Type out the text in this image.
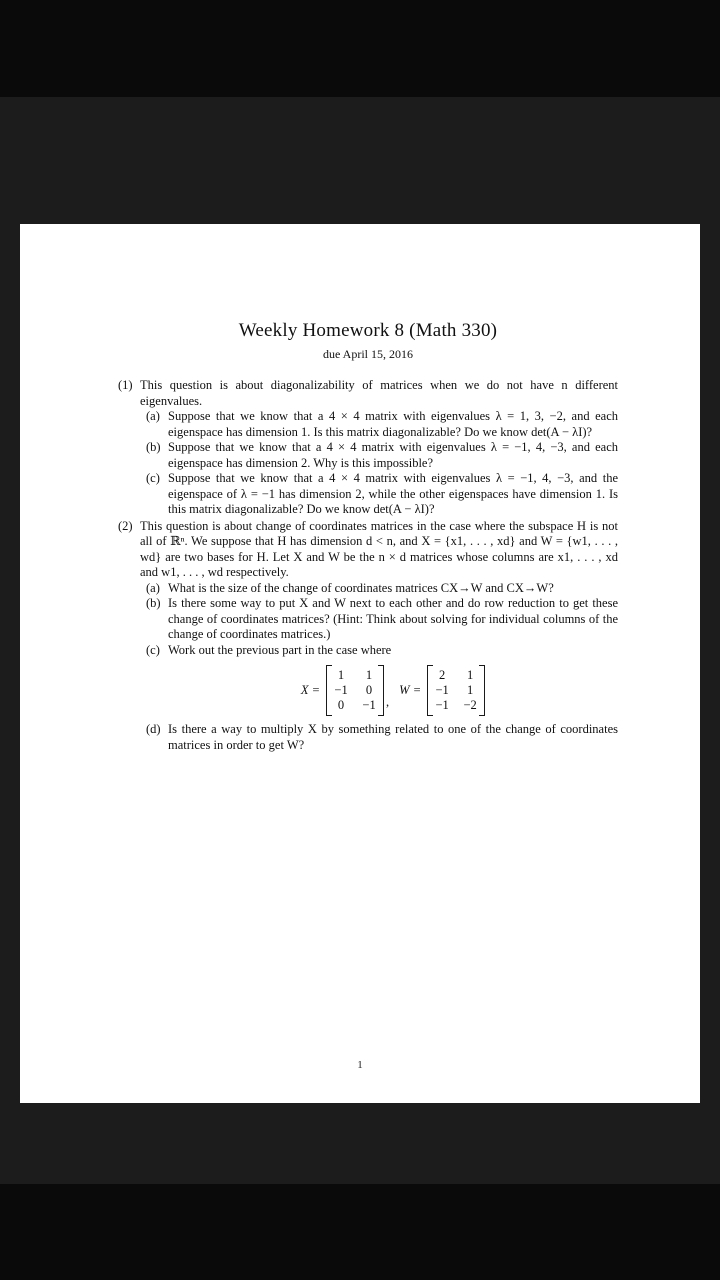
Weekly Homework 8 (Math 330)
due April 15, 2016
(1) This question is about diagonalizability of matrices when we do not have n different eigenvalues.
(a) Suppose that we know that a 4 × 4 matrix with eigenvalues λ = 1, 3, −2, and each eigenspace has dimension 1. Is this matrix diagonalizable? Do we know det(A − λI)?
(b) Suppose that we know that a 4 × 4 matrix with eigenvalues λ = −1, 4, −3, and each eigenspace has dimension 2. Why is this impossible?
(c) Suppose that we know that a 4 × 4 matrix with eigenvalues λ = −1, 4, −3, and the eigenspace of λ = −1 has dimension 2, while the other eigenspaces have dimension 1. Is this matrix diagonalizable? Do we know det(A − λI)?
(2) This question is about change of coordinates matrices in the case where the subspace H is not all of ℝⁿ. We suppose that H has dimension d < n, and X = {x1, . . . , xd} and W = {w1, . . . , wd} are two bases for H. Let X and W be the n × d matrices whose columns are x1, . . . , xd and w1, . . . , wd respectively.
(a) What is the size of the change of coordinates matrices CX→W and CX→W?
(b) Is there some way to put X and W next to each other and do row reduction to get these change of coordinates matrices? (Hint: Think about solving for individual columns of the change of coordinates matrices.)
(c) Work out the previous part in the case where
X =
1	1
−1	0
0	−1 ,
W =
2	1
−1	1
−1 −2
(d) Is there a way to multiply X by something related to one of the change of coordinates matrices in order to get W?
1
